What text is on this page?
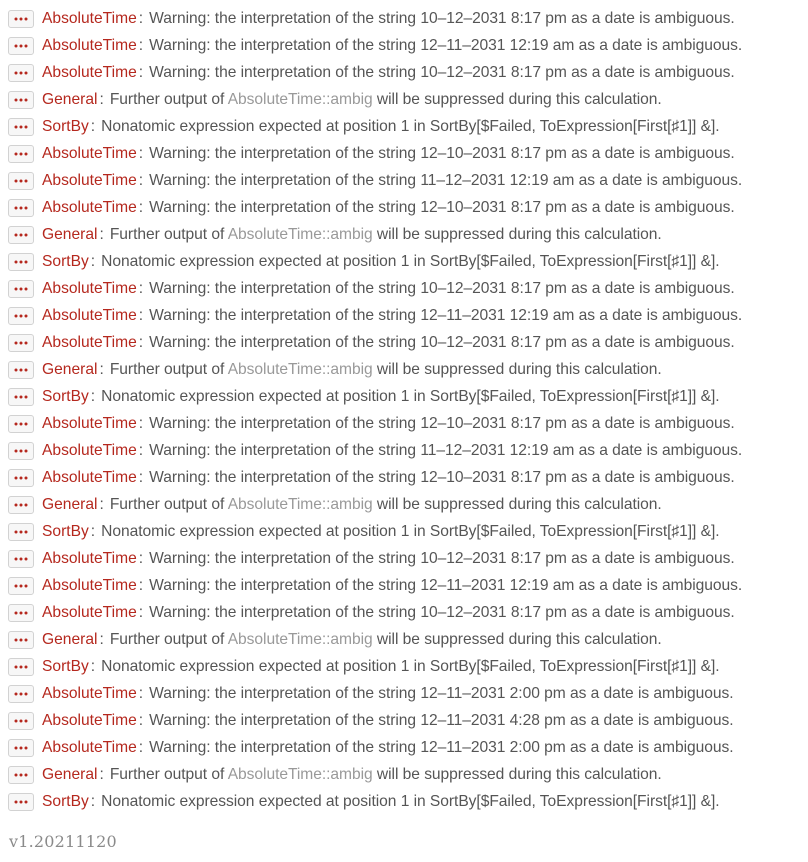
AbsoluteTime : Warning: the interpretation of the string 10–12–2031 8:17 pm as a date is ambiguous.
AbsoluteTime : Warning: the interpretation of the string 12–11–2031 12:19 am as a date is ambiguous.
AbsoluteTime : Warning: the interpretation of the string 10–12–2031 8:17 pm as a date is ambiguous.
General : Further output of AbsoluteTime::ambig will be suppressed during this calculation.
SortBy : Nonatomic expression expected at position 1 in SortBy[$Failed, ToExpression[First[♯1]] &].
AbsoluteTime : Warning: the interpretation of the string 12–10–2031 8:17 pm as a date is ambiguous.
AbsoluteTime : Warning: the interpretation of the string 11–12–2031 12:19 am as a date is ambiguous.
AbsoluteTime : Warning: the interpretation of the string 12–10–2031 8:17 pm as a date is ambiguous.
General : Further output of AbsoluteTime::ambig will be suppressed during this calculation.
SortBy : Nonatomic expression expected at position 1 in SortBy[$Failed, ToExpression[First[♯1]] &].
AbsoluteTime : Warning: the interpretation of the string 10–12–2031 8:17 pm as a date is ambiguous.
AbsoluteTime : Warning: the interpretation of the string 12–11–2031 12:19 am as a date is ambiguous.
AbsoluteTime : Warning: the interpretation of the string 10–12–2031 8:17 pm as a date is ambiguous.
General : Further output of AbsoluteTime::ambig will be suppressed during this calculation.
SortBy : Nonatomic expression expected at position 1 in SortBy[$Failed, ToExpression[First[♯1]] &].
AbsoluteTime : Warning: the interpretation of the string 12–10–2031 8:17 pm as a date is ambiguous.
AbsoluteTime : Warning: the interpretation of the string 11–12–2031 12:19 am as a date is ambiguous.
AbsoluteTime : Warning: the interpretation of the string 12–10–2031 8:17 pm as a date is ambiguous.
General : Further output of AbsoluteTime::ambig will be suppressed during this calculation.
SortBy : Nonatomic expression expected at position 1 in SortBy[$Failed, ToExpression[First[♯1]] &].
AbsoluteTime : Warning: the interpretation of the string 10–12–2031 8:17 pm as a date is ambiguous.
AbsoluteTime : Warning: the interpretation of the string 12–11–2031 12:19 am as a date is ambiguous.
AbsoluteTime : Warning: the interpretation of the string 10–12–2031 8:17 pm as a date is ambiguous.
General : Further output of AbsoluteTime::ambig will be suppressed during this calculation.
SortBy : Nonatomic expression expected at position 1 in SortBy[$Failed, ToExpression[First[♯1]] &].
AbsoluteTime : Warning: the interpretation of the string 12–11–2031 2:00 pm as a date is ambiguous.
AbsoluteTime : Warning: the interpretation of the string 12–11–2031 4:28 pm as a date is ambiguous.
AbsoluteTime : Warning: the interpretation of the string 12–11–2031 2:00 pm as a date is ambiguous.
General : Further output of AbsoluteTime::ambig will be suppressed during this calculation.
SortBy : Nonatomic expression expected at position 1 in SortBy[$Failed, ToExpression[First[♯1]] &].
v1.20211120
